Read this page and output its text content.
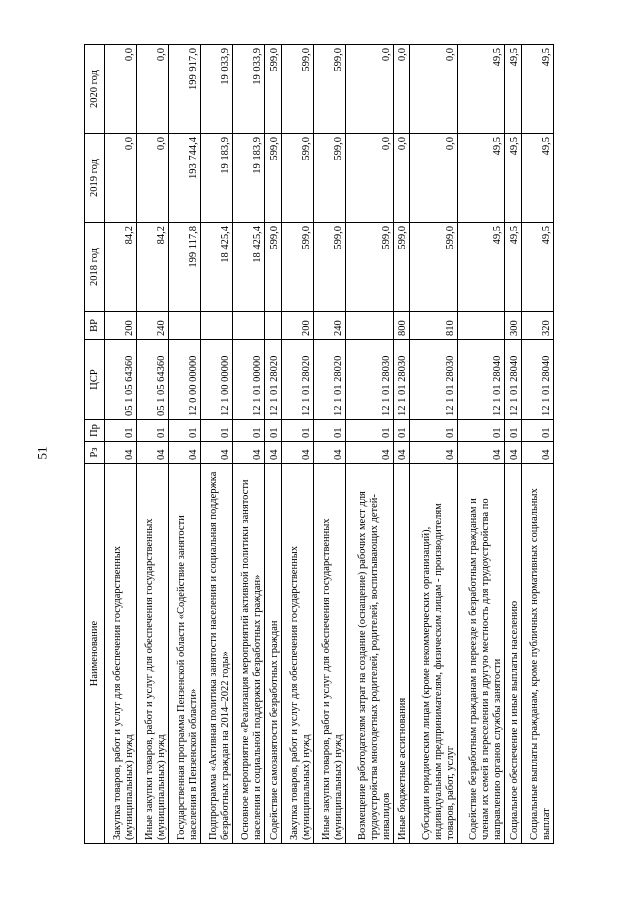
51
Наименование	Рз	Пр	ЦСР	ВР	2018 год	2019 год	2020 год
Закупка товаров, работ и услуг для обеспечения государственных (муниципальных) нужд	04	01	05 1 05 64360	200	84,2	0,0	0,0
Иные закупки товаров, работ и услуг для обеспечения государственных (муниципальных) нужд	04	01	05 1 05 64360	240	84,2	0,0	0,0
Государственная программа Пензенской области «Содействие занятости населения в Пензенской области»	04	01	12 0 00 00000		199 117,8	193 744,4	199 917,0
Подпрограмма «Активная политика занятости населения и социальная поддержка безработных граждан на 2014–2022 годы»	04	01	12 1 00 00000		18 425,4	19 183,9	19 033,9
Основное мероприятие «Реализация мероприятий активной политики занятости населения и социальной поддержки безработных граждан»	04	01	12 1 01 00000		18 425,4	19 183,9	19 033,9
Содействие самозанятости безработных граждан	04	01	12 1 01 28020		599,0	599,0	599,0
Закупка товаров, работ и услуг для обеспечения государственных (муниципальных) нужд	04	01	12 1 01 28020	200	599,0	599,0	599,0
Иные закупки товаров, работ и услуг для обеспечения государственных (муниципальных) нужд	04	01	12 1 01 28020	240	599,0	599,0	599,0
Возмещение работодателям затрат на создание (оснащение) рабочих мест для трудоустройства многодетных родителей, родителей, воспитывающих детей-инвалидов	04	01	12 1 01 28030		599,0	0,0	0,0
Иные бюджетные ассигнования	04	01	12 1 01 28030	800	599,0	0,0	0,0
Субсидии юридическим лицам (кроме некоммерческих организаций), индивидуальным предпринимателям, физическим лицам - производителям товаров, работ, услуг	04	01	12 1 01 28030	810	599,0	0,0	0,0
Содействие безработным гражданам в переезде и безработным гражданам и членам их семей в переселении в другую местность для трудоустройства по направлению органов службы занятости	04	01	12 1 01 28040		49,5	49,5	49,5
Социальное обеспечение и иные выплаты населению	04	01	12 1 01 28040	300	49,5	49,5	49,5
Социальные выплаты гражданам, кроме публичных нормативных социальных выплат	04	01	12 1 01 28040	320	49,5	49,5	49,5
